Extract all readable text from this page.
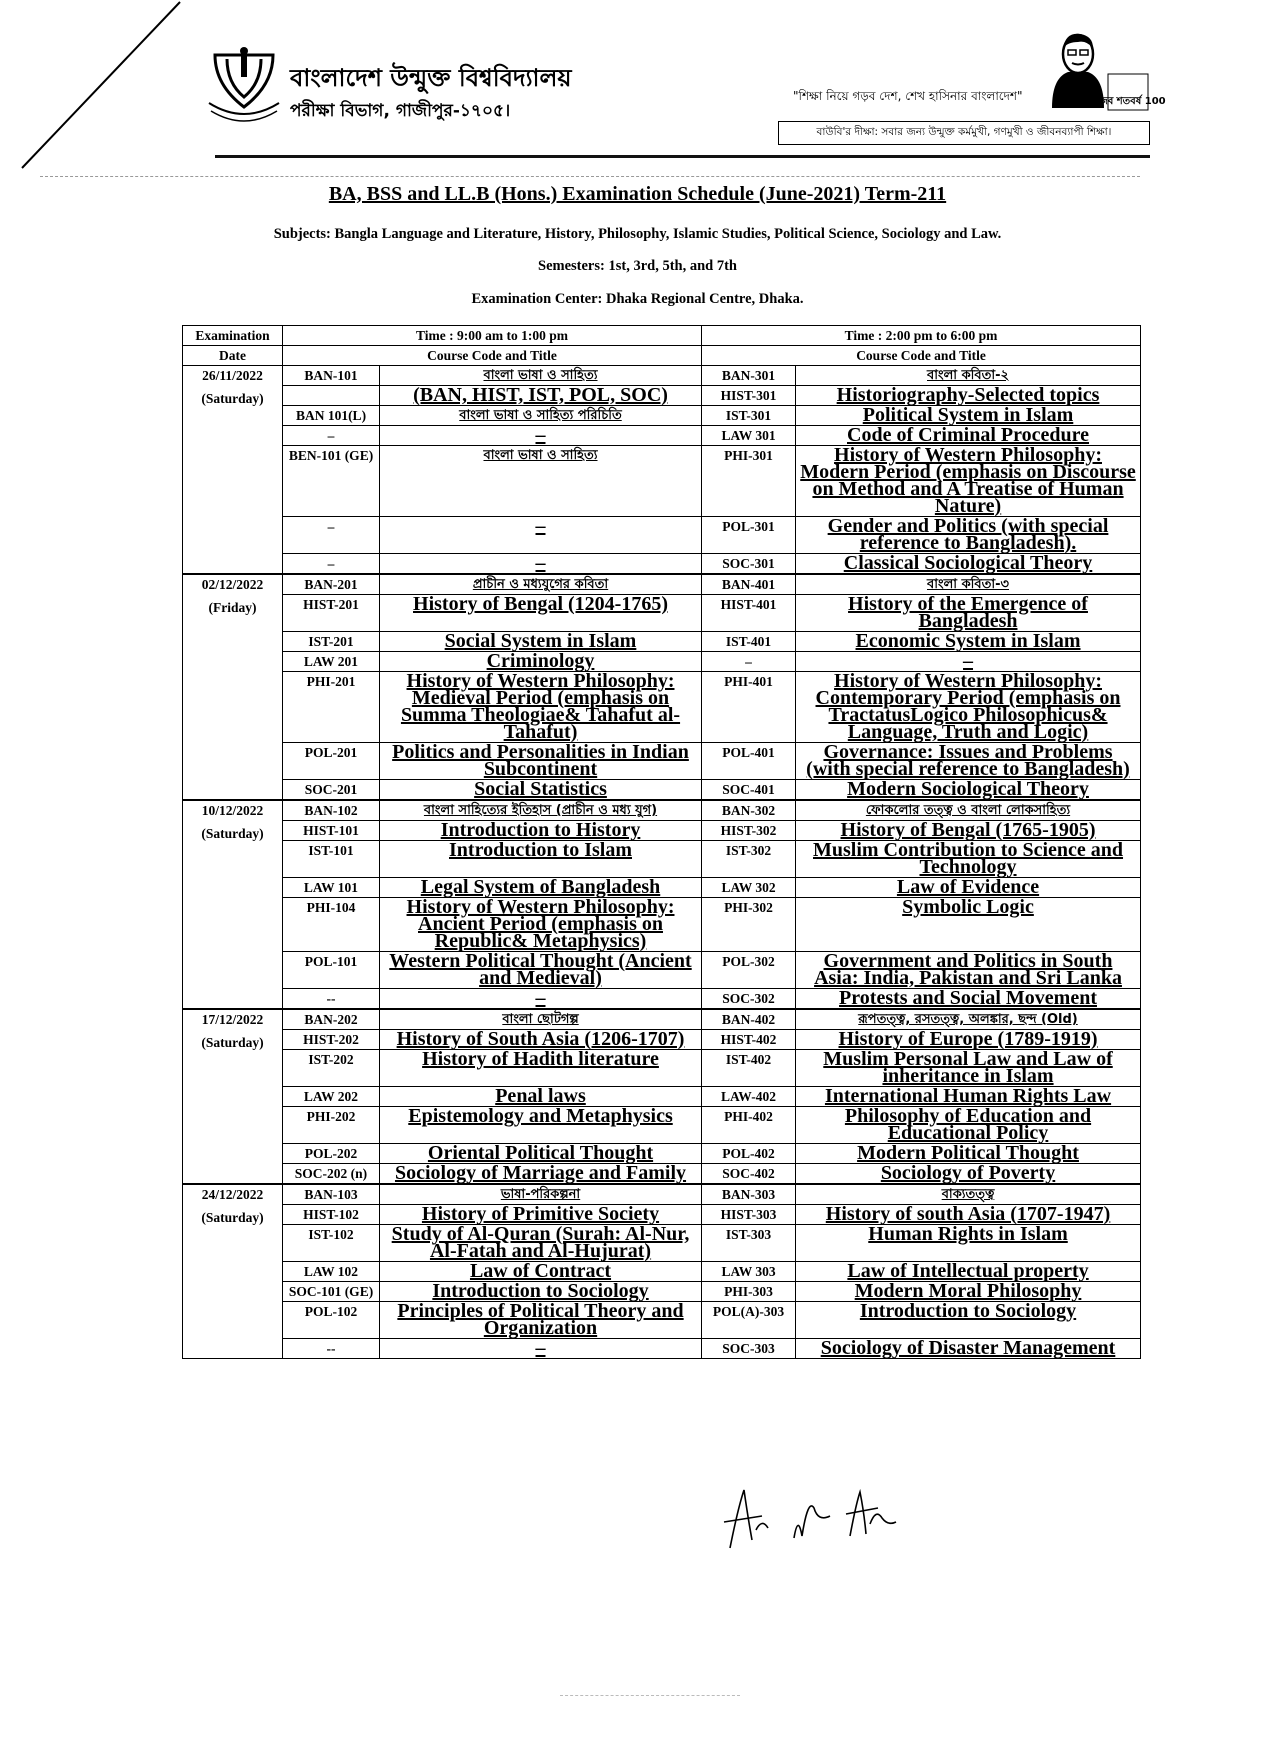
বাংলাদেশ উন্মুক্ত বিশ্ববিদ্যালয়
পরীক্ষা বিভাগ, গাজীপুর-১৭০৫।
"শিক্ষা নিয়ে গড়ব দেশ, শেখ হাসিনার বাংলাদেশ"	মুজিব শতবর্ষ 100
বাউবি'র দীক্ষা: সবার জন্য উন্মুক্ত কর্মমুখী, গণমুখী ও জীবনব্যাপী শিক্ষা।
BA, BSS and LL.B (Hons.) Examination Schedule (June-2021) Term-211
Subjects: Bangla Language and Literature, History, Philosophy, Islamic Studies, Political Science, Sociology and Law.
Semesters: 1st, 3rd, 5th, and 7th
Examination Center: Dhaka Regional Centre, Dhaka.
Examination	Time : 9:00 am to 1:00 pm		Time : 2:00 pm to 6:00 pm	
Date	Course Code and Title		Course Code and Title	

26/11/2022
(Saturday)	BAN-101	বাংলা ভাষা ও সাহিত্য	BAN-301	বাংলা কবিতা-২
		(BAN, HIST, IST, POL, SOC)	HIST-301	Historiography-Selected topics
	BAN 101(L)	বাংলা ভাষা ও সাহিত্য পরিচিতি	IST-301	Political System in Islam
	–	–	LAW 301	Code of Criminal Procedure
	BEN-101 (GE)	বাংলা ভাষা ও সাহিত্য	PHI-301	History of Western Philosophy: Modern Period (emphasis on Discourse on Method and A Treatise of Human Nature)
	–	–	POL-301	Gender and Politics (with special reference to Bangladesh).
	–	–	SOC-301	Classical Sociological Theory

02/12/2022
(Friday)	BAN-201	প্রাচীন ও মধ্যযুগের কবিতা	BAN-401	বাংলা কবিতা-৩
	HIST-201	History of Bengal (1204-1765)	HIST-401	History of the Emergence of Bangladesh
	IST-201	Social System in Islam	IST-401	Economic System in Islam
	LAW 201	Criminology	–	–
	PHI-201	History of Western Philosophy: Medieval Period (emphasis on Summa Theologiae& Tahafut al-Tahafut)	PHI-401	History of Western Philosophy: Contemporary Period (emphasis on TractatusLogico Philosophicus& Language, Truth and Logic)
	POL-201	Politics and Personalities in Indian Subcontinent	POL-401	Governance: Issues and Problems (with special reference to Bangladesh)
	SOC-201	Social Statistics	SOC-401	Modern Sociological Theory

10/12/2022
(Saturday)	BAN-102	বাংলা সাহিত্যের ইতিহাস (প্রাচীন ও মধ্য যুগ)	BAN-302	ফোকলোর তত্ত্ব ও বাংলা লোকসাহিত্য
	HIST-101	Introduction to History	HIST-302	History of Bengal (1765-1905)
	IST-101	Introduction to Islam	IST-302	Muslim Contribution to Science and Technology
	LAW 101	Legal System of Bangladesh	LAW 302	Law of Evidence
	PHI-104	History of Western Philosophy: Ancient Period (emphasis on Republic& Metaphysics)	PHI-302	Symbolic Logic
	POL-101	Western Political Thought (Ancient and Medieval)	POL-302	Government and Politics in South Asia: India, Pakistan and Sri Lanka
	--	–	SOC-302	Protests and Social Movement

17/12/2022
(Saturday)	BAN-202	বাংলা ছোটগল্প	BAN-402	রূপতত্ত্ব, রসতত্ত্ব, অলঙ্কার, ছন্দ (Old)
	HIST-202	History of South Asia (1206-1707)	HIST-402	History of Europe (1789-1919)
	IST-202	History of Hadith literature	IST-402	Muslim Personal Law and Law of inheritance in Islam
	LAW 202	Penal laws	LAW-402	International Human Rights Law
	PHI-202	Epistemology and Metaphysics	PHI-402	Philosophy of Education and Educational Policy
	POL-202	Oriental Political Thought	POL-402	Modern Political Thought
	SOC-202 (n)	Sociology of Marriage and Family	SOC-402	Sociology of Poverty

24/12/2022
(Saturday)	BAN-103	ভাষা-পরিকল্পনা	BAN-303	বাক্যতত্ত্ব
	HIST-102	History of Primitive Society	HIST-303	History of south Asia (1707-1947)
	IST-102	Study of Al-Quran (Surah: Al-Nur, Al-Fatah and Al-Hujurat)	IST-303	Human Rights in Islam
	LAW 102	Law of Contract	LAW 303	Law of Intellectual property
	SOC-101 (GE)	Introduction to Sociology	PHI-303	Modern Moral Philosophy
	POL-102	Principles of Political Theory and Organization	POL(A)-303	Introduction to Sociology
	--	–	SOC-303	Sociology of Disaster Management
